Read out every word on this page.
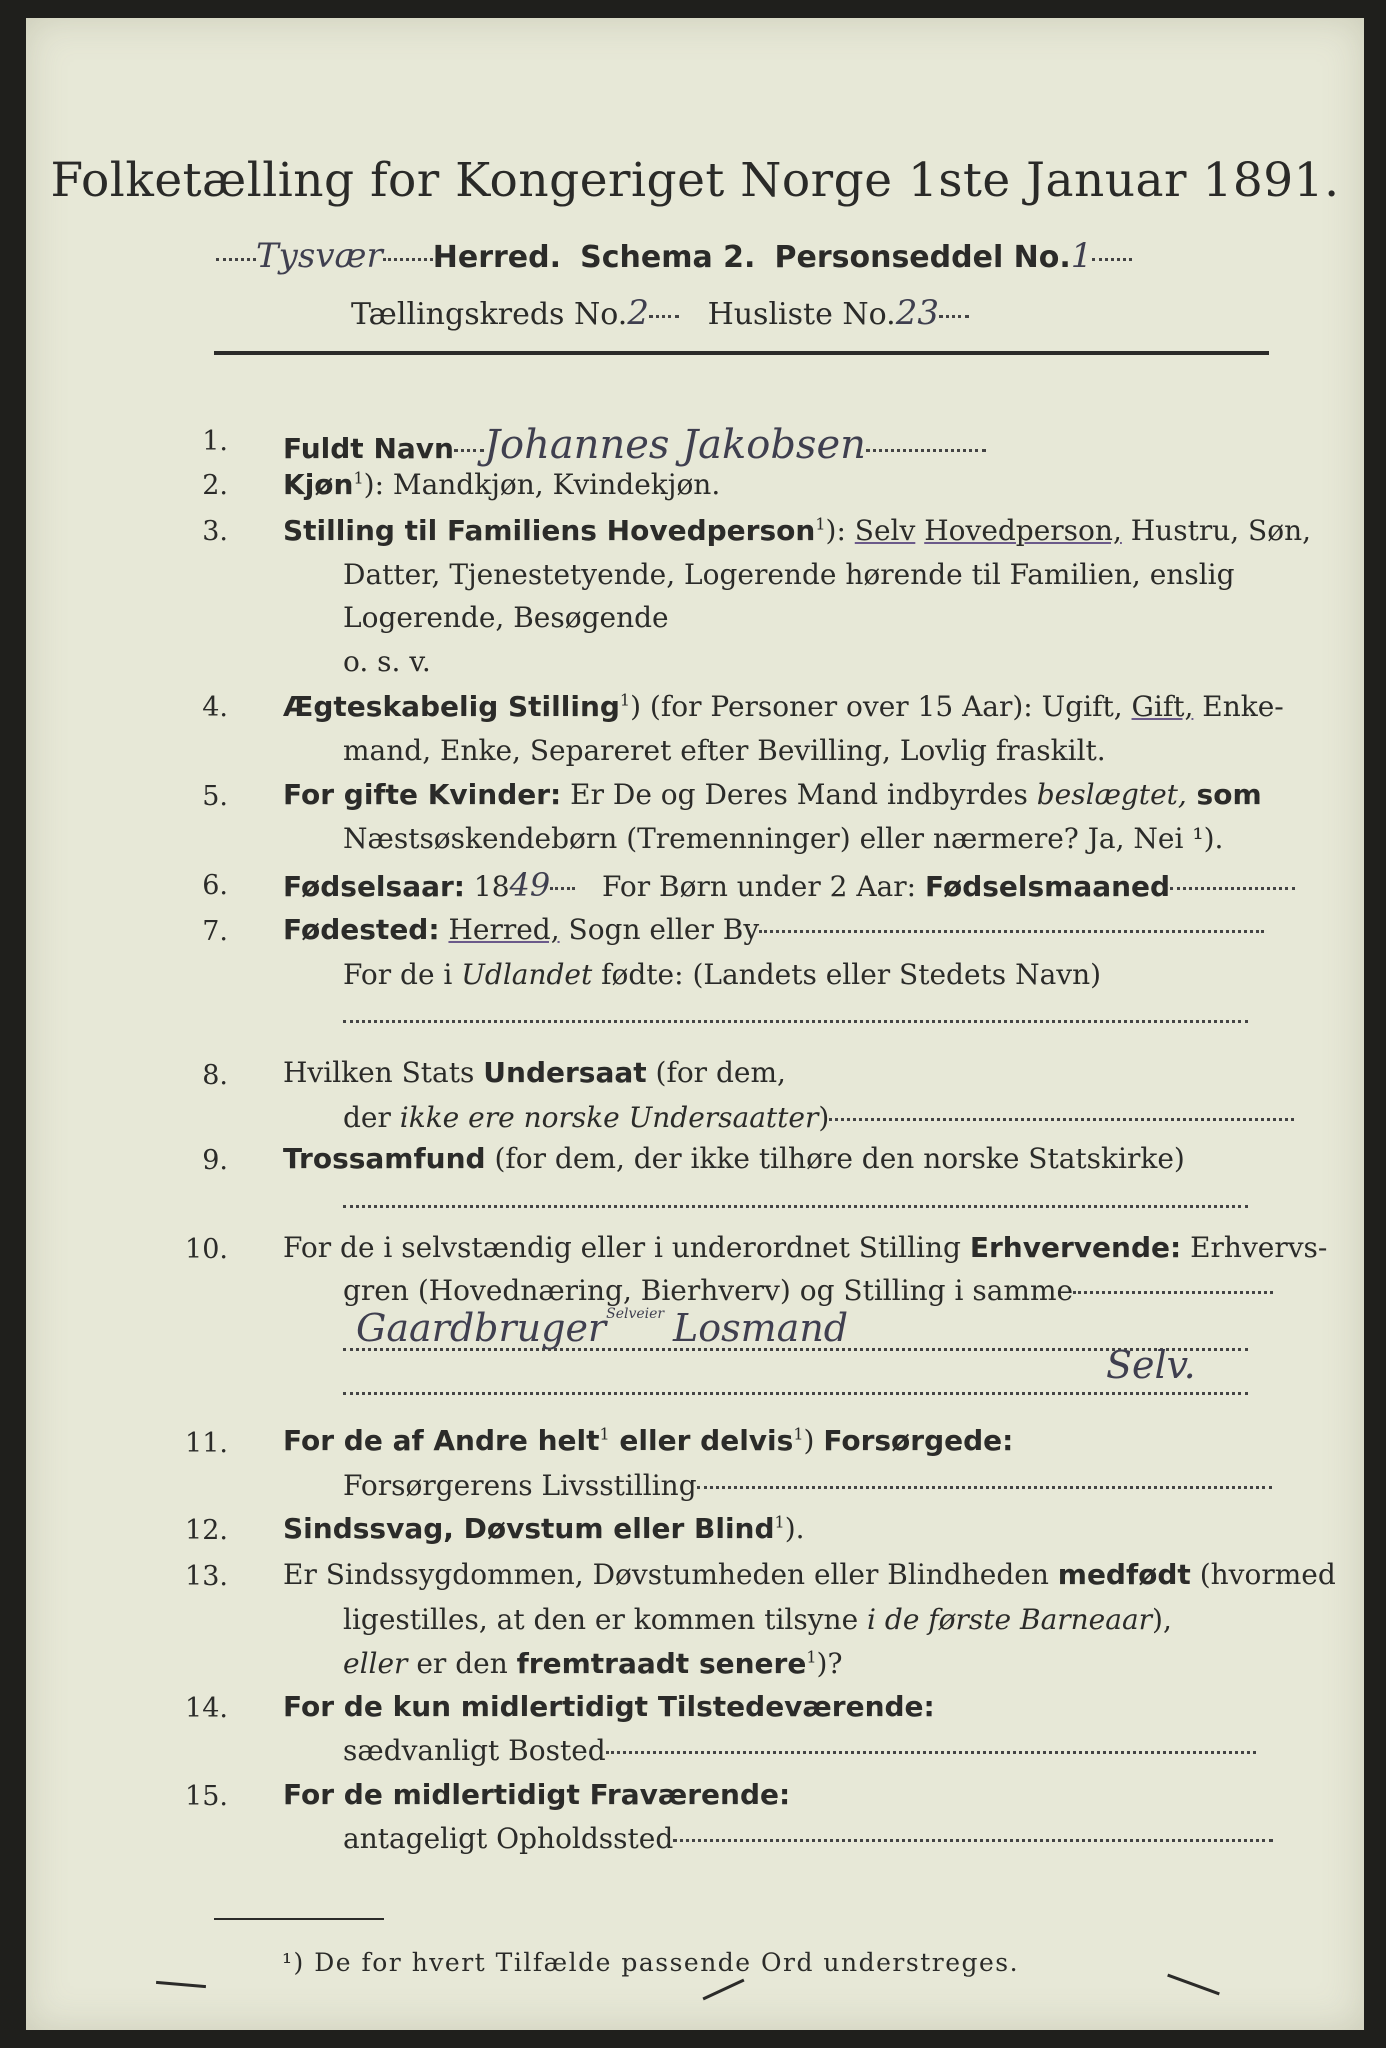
Folketælling for Kongeriget Norge 1ste Januar 1891.
Tysvær Herred. Schema 2. Personseddel No.1
Tællingskreds No.2 Husliste No.23
1. Fuldt Navn Johannes Jakobsen
2. Kjøn$^1$): Mandkjøn, Kvindekjøn.
3. Stilling til Familiens Hovedperson$^1$): Selv Hovedperson, Hustru, Søn,
Datter, Tjenestetyende, Logerende hørende til Familien, enslig
Logerende, Besøgende
o. s. v.
4. Ægteskabelig Stilling$^1$) (for Personer over 15 Aar): Ugift, Gift, Enke-
mand, Enke, Separeret efter Bevilling, Lovlig fraskilt.
5. For gifte Kvinder: Er De og Deres Mand indbyrdes beslægtet, som
Næstsøskendebørn (Tremenninger) eller nærmere? Ja, Nei ¹).
6. Fødselsaar: 1849 For Børn under 2 Aar: Fødselsmaaned
7. Fødested: Herred, Sogn eller By
For de i Udlandet fødte: (Landets eller Stedets Navn)
8. Hvilken Stats Undersaat (for dem,
der ikke ere norske Undersaatter)
9. Trossamfund (for dem, der ikke tilhøre den norske Statskirke)
10. For de i selvstændig eller i underordnet Stilling Erhvervende: Erhvervs-
gren (Hovednæring, Bierhverv) og Stilling i samme
Gaardbruger$^{Selveier}$ Losmand
Selv.
11. For de af Andre helt$^1$ eller delvis$^1$) Forsørgede:
Forsørgerens Livsstilling
12. Sindssvag, Døvstum eller Blind$^1$).
13. Er Sindssygdommen, Døvstumheden eller Blindheden medfødt (hvormed
ligestilles, at den er kommen tilsyne i de første Barneaar),
eller er den fremtraadt senere$^1$)?
14. For de kun midlertidigt Tilstedeværende:
sædvanligt Bosted
15. For de midlertidigt Fraværende:
antageligt Opholdssted
¹) De for hvert Tilfælde passende Ord understreges.
